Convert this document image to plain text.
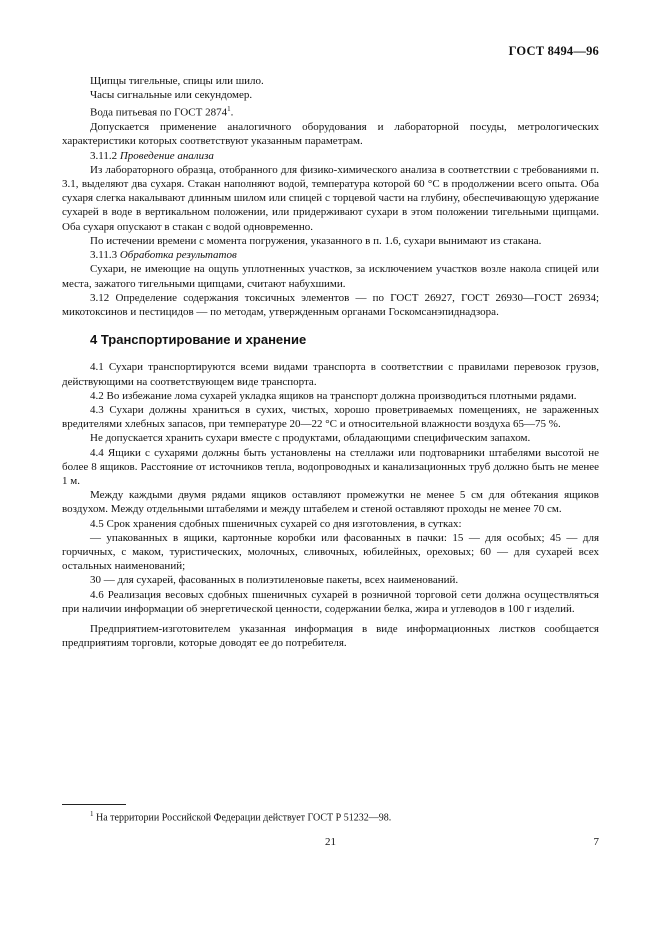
ГОСТ 8494—96

Щипцы тигельные, спицы или шило.

Часы сигнальные или секундомер.

Вода питьевая по ГОСТ 2874$^1$.

Допускается применение аналогичного оборудования и лабораторной посуды, метрологических характеристики которых соответствуют указанным параметрам.

3.11.2 Проведение анализа

Из лабораторного образца, отобранного для физико-химического анализа в соответствии с требованиями п. 3.1, выделяют два сухаря. Стакан наполняют водой, температура которой 60 °С в продолжении всего опыта. Оба сухаря слегка накалывают длинным шилом или спицей с торцевой части на глубину, обеспечивающую удержание сухарей в воде в вертикальном положении, или придерживают сухари в этом положении тигельными щипцами. Оба сухаря опускают в стакан с водой одновременно.

По истечении времени с момента погружения, указанного в п. 1.6, сухари вынимают из стакана.

3.11.3 Обработка результатов

Сухари, не имеющие на ощупь уплотненных участков, за исключением участков возле накола спицей или места, зажатого тигельными щипцами, считают набухшими.

3.12 Определение содержания токсичных элементов — по ГОСТ 26927, ГОСТ 26930—ГОСТ 26934; микотоксинов и пестицидов — по методам, утвержденным органами Госкомсанэпиднадзора.

4 Транспортирование и хранение

4.1 Сухари транспортируются всеми видами транспорта в соответствии с правилами перевозок грузов, действующими на соответствующем виде транспорта.

4.2 Во избежание лома сухарей укладка ящиков на транспорт должна производиться плотными рядами.

4.3 Сухари должны храниться в сухих, чистых, хорошо проветриваемых помещениях, не зараженных вредителями хлебных запасов, при температуре 20—22 °С и относительной влажности воздуха 65—75 %.

Не допускается хранить сухари вместе с продуктами, обладающими специфическим запахом.

4.4 Ящики с сухарями должны быть установлены на стеллажи или подтоварники штабелями высотой не более 8 ящиков. Расстояние от источников тепла, водопроводных и канализационных труб должно быть не менее 1 м.

Между каждыми двумя рядами ящиков оставляют промежутки не менее 5 см для обтекания ящиков воздухом. Между отдельными штабелями и между штабелем и стеной оставляют проходы не менее 70 см.

4.5 Срок хранения сдобных пшеничных сухарей со дня изготовления, в сутках:

— упакованных в ящики, картонные коробки или фасованных в пачки: 15 — для особых; 45 — для горчичных, с маком, туристических, молочных, сливочных, юбилейных, ореховых; 60 — для сухарей всех остальных наименований;

30 — для сухарей, фасованных в полиэтиленовые пакеты, всех наименований.

4.6 Реализация весовых сдобных пшеничных сухарей в розничной торговой сети должна осуществляться при наличии информации об энергетической ценности, содержании белка, жира и углеводов в 100 г изделий.

Предприятием-изготовителем указанная информация в виде информационных листков сообщается предприятиям торговли, которые доводят ее до потребителя.

$^1$ На территории Российской Федерации действует ГОСТ Р 51232—98.
21	7
